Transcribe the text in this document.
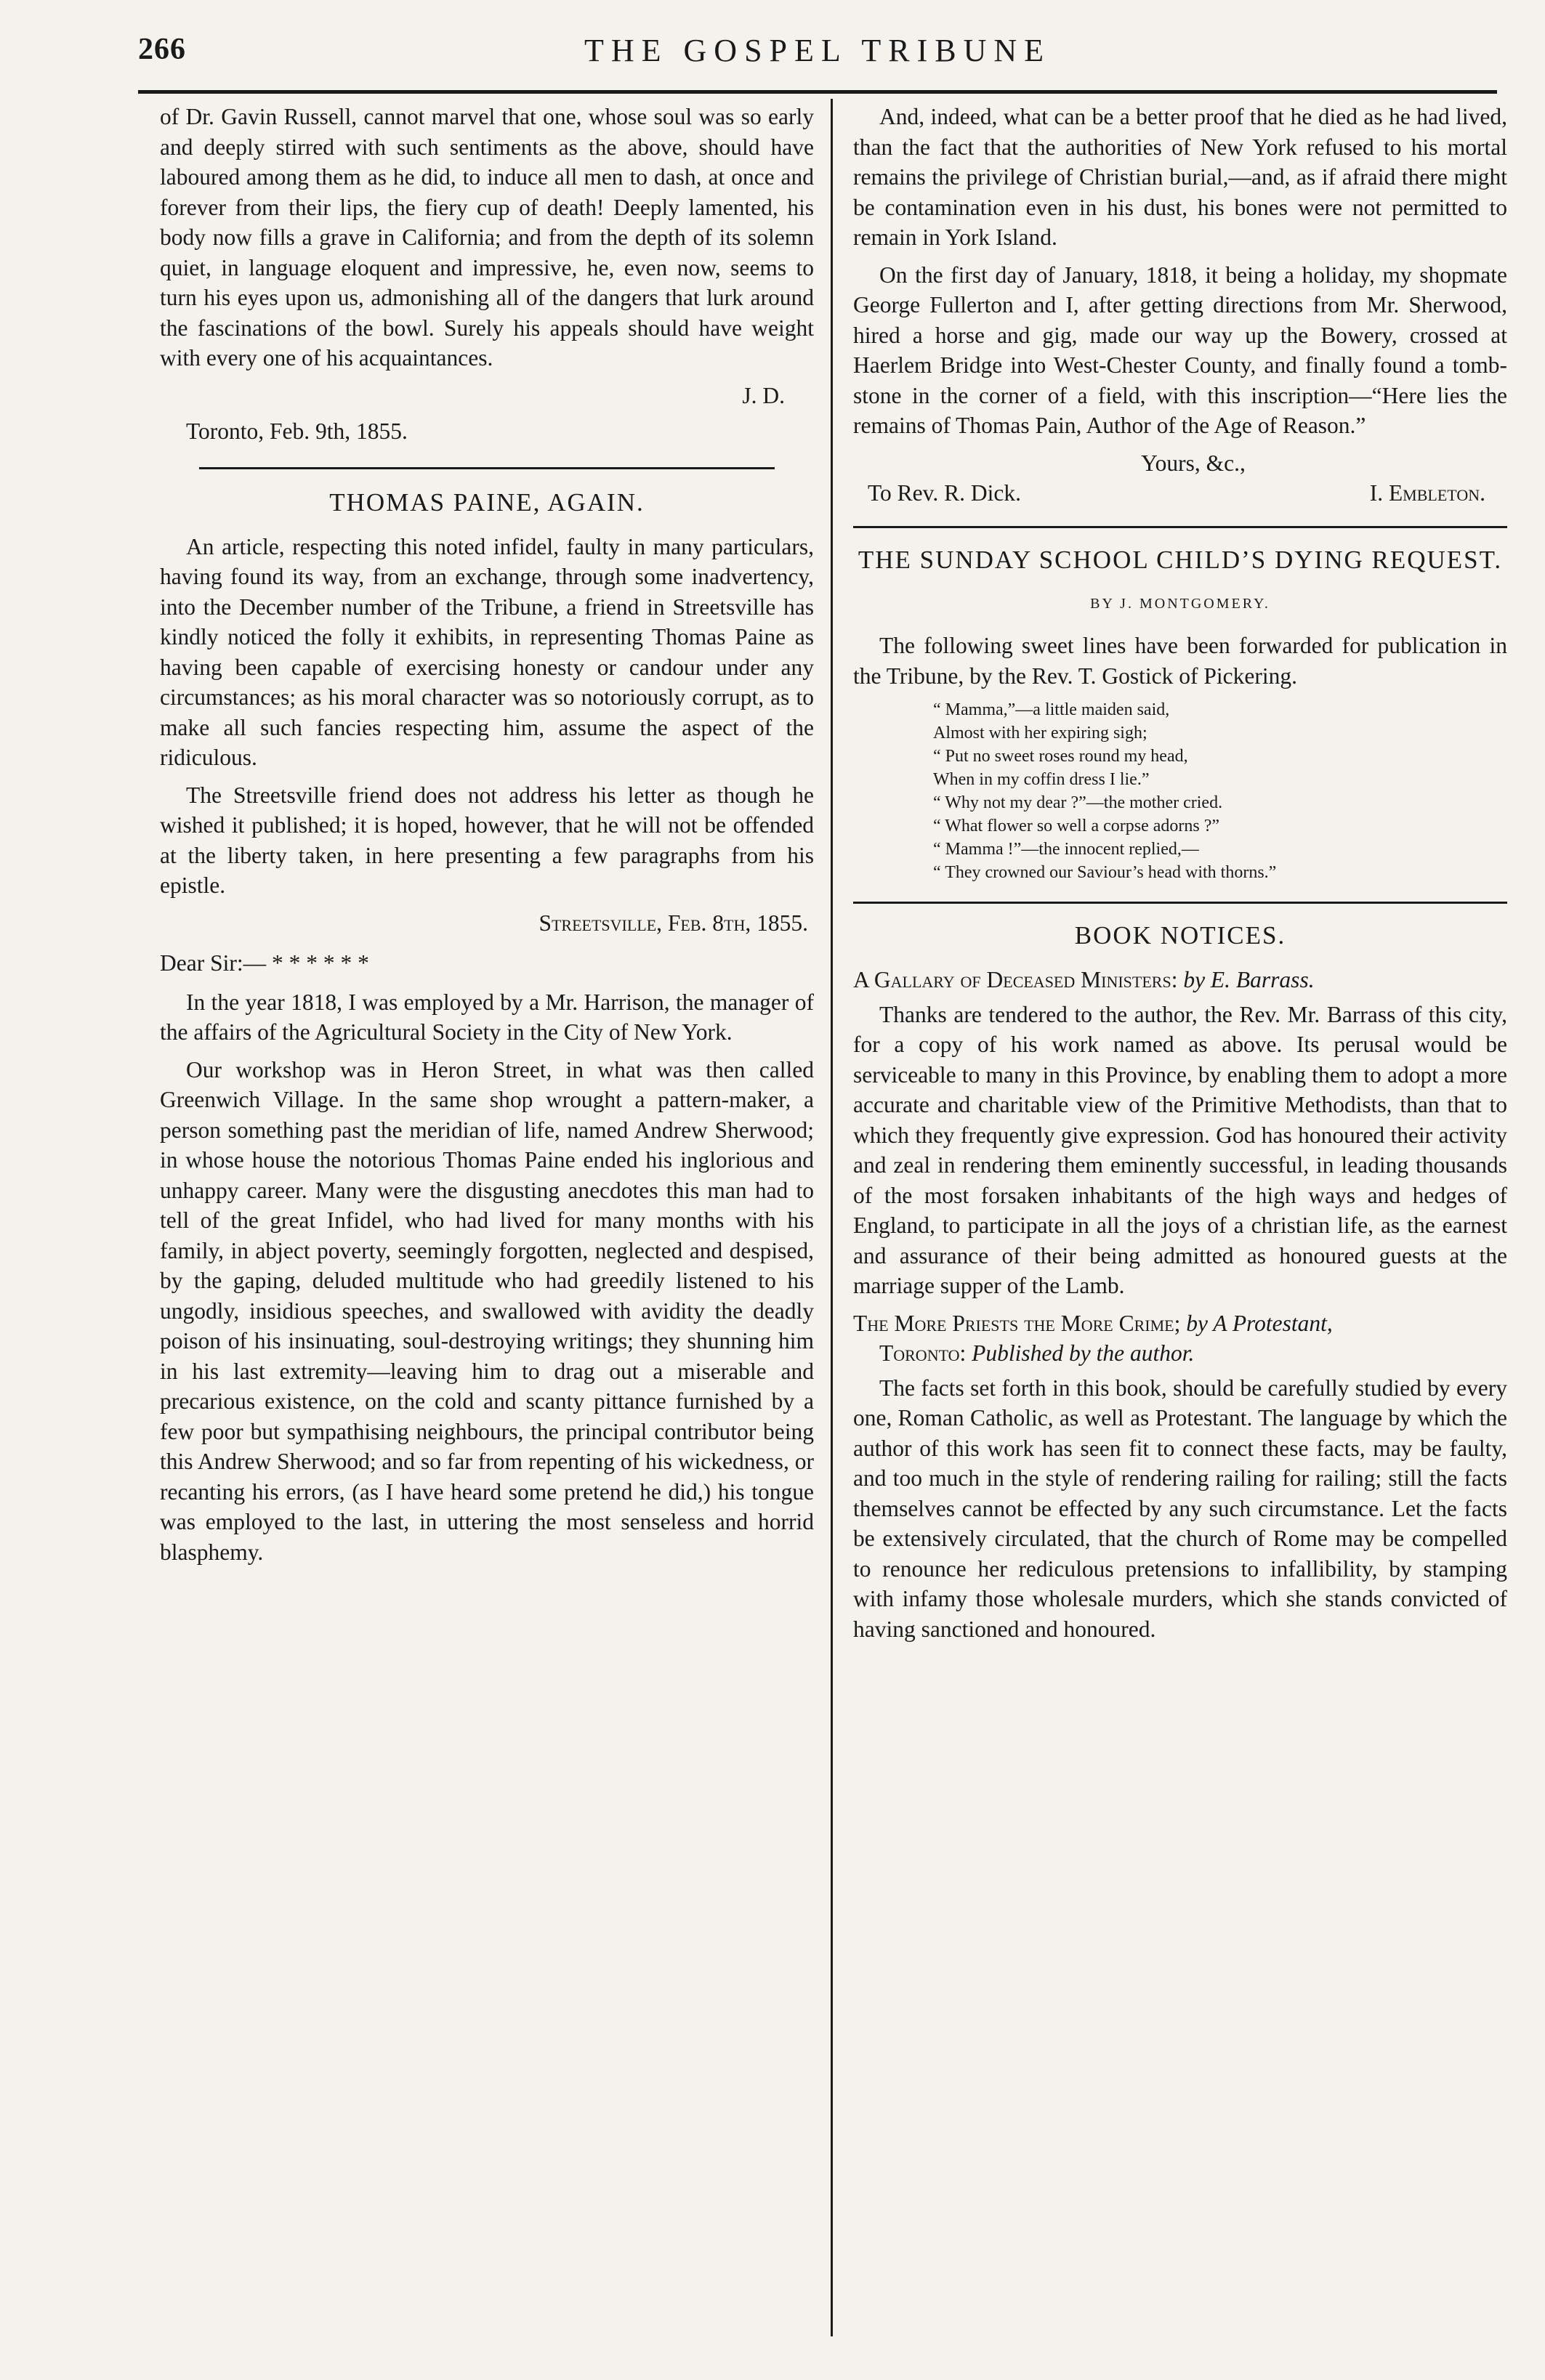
266	THE GOSPEL TRIBUNE

of Dr. Gavin Russell, cannot marvel that one, whose soul was so early and deeply stirred with such sentiments as the above, should have laboured among them as he did, to induce all men to dash, at once and forever from their lips, the fiery cup of death! Deeply lamented, his body now fills a grave in California; and from the depth of its solemn quiet, in language eloquent and impressive, he, even now, seems to turn his eyes upon us, admonishing all of the dangers that lurk around the fascinations of the bowl. Surely his appeals should have weight with every one of his acquaintances.

J. D.

Toronto, Feb. 9th, 1855.

THOMAS PAINE, AGAIN.

An article, respecting this noted infidel, faulty in many particulars, having found its way, from an exchange, through some inadvertency, into the December number of the Tribune, a friend in Streetsville has kindly noticed the folly it exhibits, in representing Thomas Paine as having been capable of exercising honesty or candour under any circumstances; as his moral character was so notoriously corrupt, as to make all such fancies respecting him, assume the aspect of the ridiculous.

The Streetsville friend does not address his letter as though he wished it published; it is hoped, however, that he will not be offended at the liberty taken, in here presenting a few paragraphs from his epistle.

Streetsville, Feb. 8th, 1855.

Dear Sir:— * * * * * *

In the year 1818, I was employed by a Mr. Harrison, the manager of the affairs of the Agricultural Society in the City of New York.

Our workshop was in Heron Street, in what was then called Greenwich Village. In the same shop wrought a pattern-maker, a person something past the meridian of life, named Andrew Sherwood; in whose house the notorious Thomas Paine ended his inglorious and unhappy career. Many were the disgusting anecdotes this man had to tell of the great Infidel, who had lived for many months with his family, in abject poverty, seemingly forgotten, neglected and despised, by the gaping, deluded multitude who had greedily listened to his ungodly, insidious speeches, and swallowed with avidity the deadly poison of his insinuating, soul-destroying writings; they shunning him in his last extremity—leaving him to drag out a miserable and precarious existence, on the cold and scanty pittance furnished by a few poor but sympathising neighbours, the principal contributor being this Andrew Sherwood; and so far from repenting of his wickedness, or recanting his errors, (as I have heard some pretend he did,) his tongue was employed to the last, in uttering the most senseless and horrid blasphemy.

And, indeed, what can be a better proof that he died as he had lived, than the fact that the authorities of New York refused to his mortal remains the privilege of Christian burial,—and, as if afraid there might be contamination even in his dust, his bones were not permitted to remain in York Island.

On the first day of January, 1818, it being a holiday, my shopmate George Fullerton and I, after getting directions from Mr. Sherwood, hired a horse and gig, made our way up the Bowery, crossed at Haerlem Bridge into West-Chester County, and finally found a tomb-stone in the corner of a field, with this inscription—“Here lies the remains of Thomas Pain, Author of the Age of Reason.”

Yours, &c.,

To Rev. R. Dick.	I. Embleton.
THE SUNDAY SCHOOL CHILD’S DYING REQUEST.
BY J. MONTGOMERY.

The following sweet lines have been forwarded for publication in the Tribune, by the Rev. T. Gostick of Pickering.

“ Mamma,”—a little maiden said,
Almost with her expiring sigh;
“ Put no sweet roses round my head,
When in my coffin dress I lie.”
“ Why not my dear ?”—the mother cried.
“ What flower so well a corpse adorns ?”
“ Mamma !”—the innocent replied,—
“ They crowned our Saviour’s head with thorns.”
BOOK NOTICES.

A Gallary of Deceased Ministers: by E. Barrass.

Thanks are tendered to the author, the Rev. Mr. Barrass of this city, for a copy of his work named as above. Its perusal would be serviceable to many in this Province, by enabling them to adopt a more accurate and charitable view of the Primitive Methodists, than that to which they frequently give expression. God has honoured their activity and zeal in rendering them eminently successful, in leading thousands of the most forsaken inhabitants of the high ways and hedges of England, to participate in all the joys of a christian life, as the earnest and assurance of their being admitted as honoured guests at the marriage supper of the Lamb.

The More Priests the More Crime; by A Protestant,
Toronto: Published by the author.

The facts set forth in this book, should be carefully studied by every one, Roman Catholic, as well as Protestant. The language by which the author of this work has seen fit to connect these facts, may be faulty, and too much in the style of rendering railing for railing; still the facts themselves cannot be effected by any such circumstance. Let the facts be extensively circulated, that the church of Rome may be compelled to renounce her rediculous pretensions to infallibility, by stamping with infamy those wholesale murders, which she stands convicted of having sanctioned and honoured.
